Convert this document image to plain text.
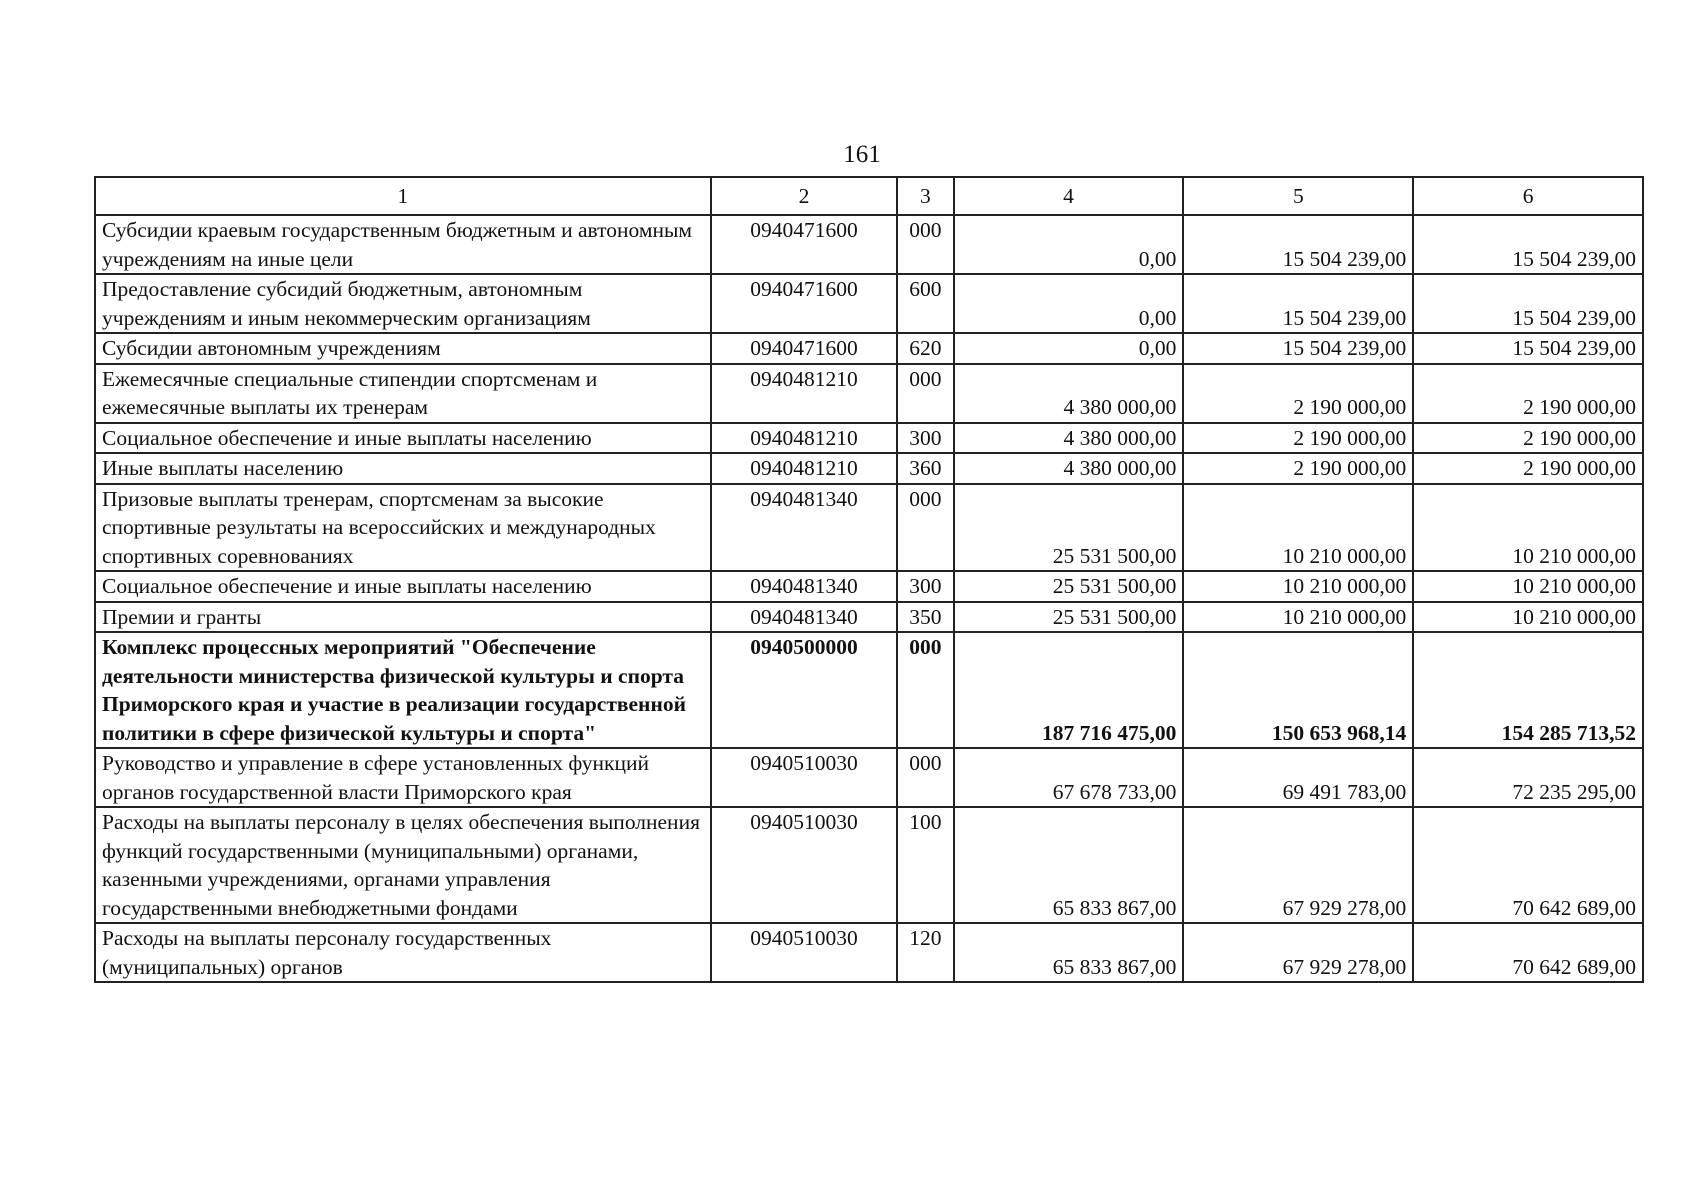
161
1	2	3	4	5	6
Субсидии краевым государственным бюджетным и автономным учреждениям на иные цели	0940471600	000	0,00	15 504 239,00	15 504 239,00
Предоставление субсидий бюджетным, автономным учреждениям и иным некоммерческим организациям	0940471600	600	0,00	15 504 239,00	15 504 239,00
Субсидии автономным учреждениям	0940471600	620	0,00	15 504 239,00	15 504 239,00
Ежемесячные специальные стипендии спортсменам и ежемесячные выплаты их тренерам	0940481210	000	4 380 000,00	2 190 000,00	2 190 000,00
Социальное обеспечение и иные выплаты населению	0940481210	300	4 380 000,00	2 190 000,00	2 190 000,00
Иные выплаты населению	0940481210	360	4 380 000,00	2 190 000,00	2 190 000,00
Призовые выплаты тренерам, спортсменам за высокие спортивные результаты на всероссийских и международных спортивных соревнованиях	0940481340	000	25 531 500,00	10 210 000,00	10 210 000,00
Социальное обеспечение и иные выплаты населению	0940481340	300	25 531 500,00	10 210 000,00	10 210 000,00
Премии и гранты	0940481340	350	25 531 500,00	10 210 000,00	10 210 000,00
Комплекс процессных мероприятий "Обеспечение деятельности министерства физической культуры и спорта Приморского края и участие в реализации государственной политики в сфере физической культуры и спорта"	0940500000	000	187 716 475,00	150 653 968,14	154 285 713,52
Руководство и управление в сфере установленных функций органов государственной власти Приморского края	0940510030	000	67 678 733,00	69 491 783,00	72 235 295,00
Расходы на выплаты персоналу в целях обеспечения выполнения функций государственными (муниципальными) органами, казенными учреждениями, органами управления государственными внебюджетными фондами	0940510030	100	65 833 867,00	67 929 278,00	70 642 689,00
Расходы на выплаты персоналу государственных (муниципальных) органов	0940510030	120	65 833 867,00	67 929 278,00	70 642 689,00
